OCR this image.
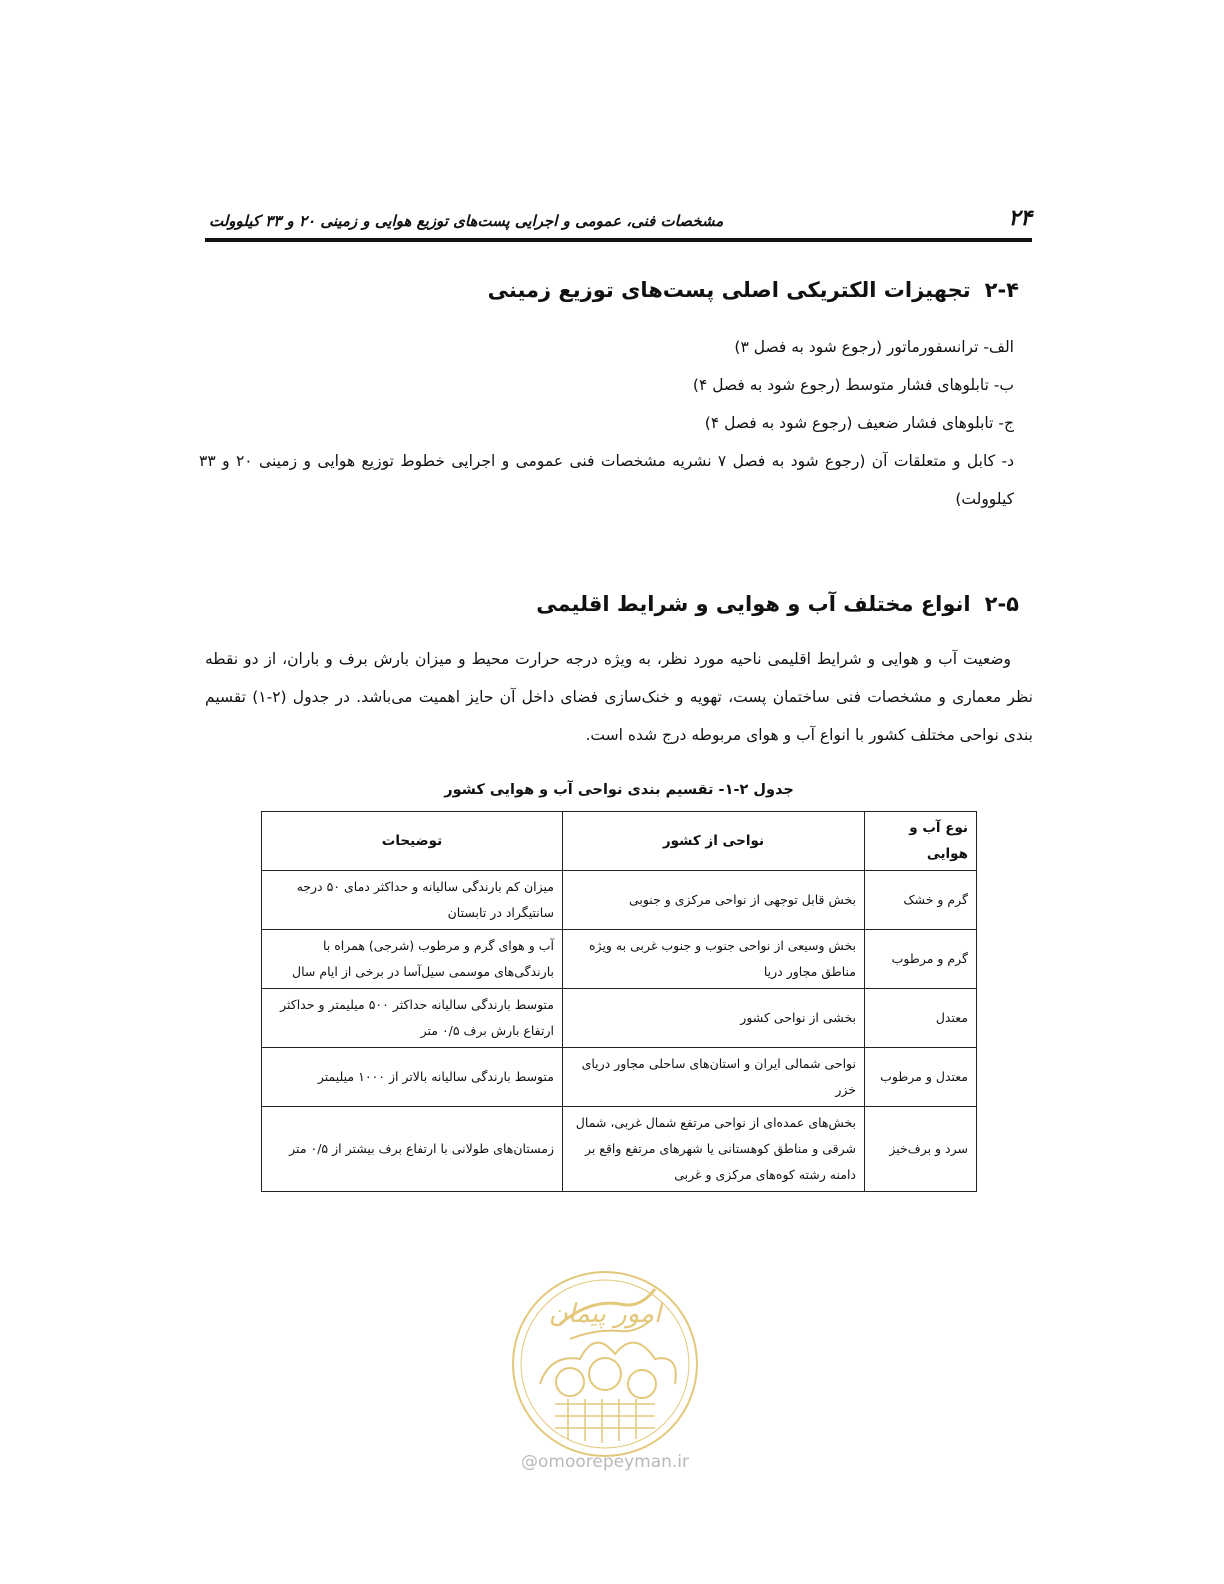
۲۴
مشخصات فنی، عمومی و اجرایی پست‌های توزیع هوایی و زمینی ۲۰ و ۳۳ کیلوولت
۲-۴تجهیزات الکتریکی اصلی پست‌های توزیع زمینی
الف- ترانسفورماتور (رجوع شود به فصل ۳)
ب- تابلوهای فشار متوسط (رجوع شود به فصل ۴)
ج- تابلوهای فشار ضعیف (رجوع شود به فصل ۴)
د- کابل و متعلقات آن (رجوع شود به فصل ۷ نشریه مشخصات فنی عمومی و اجرایی خطوط توزیع هوایی و زمینی ۲۰ و ۳۳ کیلوولت)
۲-۵انواع مختلف آب و هوایی و شرایط اقلیمی
وضعیت آب و هوایی و شرایط اقلیمی ناحیه مورد نظر، به ویژه درجه حرارت محیط و میزان بارش برف و باران، از دو نقطه نظر معماری و مشخصات فنی ساختمان پست، تهویه و خنک‌سازی فضای داخل آن حایز اهمیت می‌باشد. در جدول (۲-۱) تقسیم بندی نواحی مختلف کشور با انواع آب و هوای مربوطه درج شده است.
جدول ۲-۱- تقسیم بندی نواحی آب و هوایی کشور
نوع آب و هوایی	نواحی از کشور	توضیحات
گرم و خشک	بخش قابل توجهی از نواحی مرکزی و جنوبی	میزان کم بارندگی سالیانه و حداکثر دمای ۵۰ درجه سانتیگراد در تابستان
گرم و مرطوب	بخش وسیعی از نواحی جنوب و جنوب غربی به ویژه مناطق مجاور دریا	آب و هوای گرم و مرطوب (شرجی) همراه با بارندگی‌های موسمی سیل‌آسا در برخی از ایام سال
معتدل	بخشی از نواحی کشور	متوسط بارندگی سالیانه حداکثر ۵۰۰ میلیمتر و حداکثر ارتفاع بارش برف ۰/۵ متر
معتدل و مرطوب	نواحی شمالی ایران و استان‌های ساحلی مجاور دریای خزر	متوسط بارندگی سالیانه بالاتر از ۱۰۰۰ میلیمتر
سرد و برف‌خیز	بخش‌های عمده‌ای از نواحی مرتفع شمال غربی، شمال شرقی و مناطق کوهستانی یا شهرهای مرتفع واقع بر دامنه رشته کوه‌های مرکزی و غربی	زمستان‌های طولانی با ارتفاع برف بیشتر از ۰/۵ متر
امور پیمان
@omoorepeyman.ir
